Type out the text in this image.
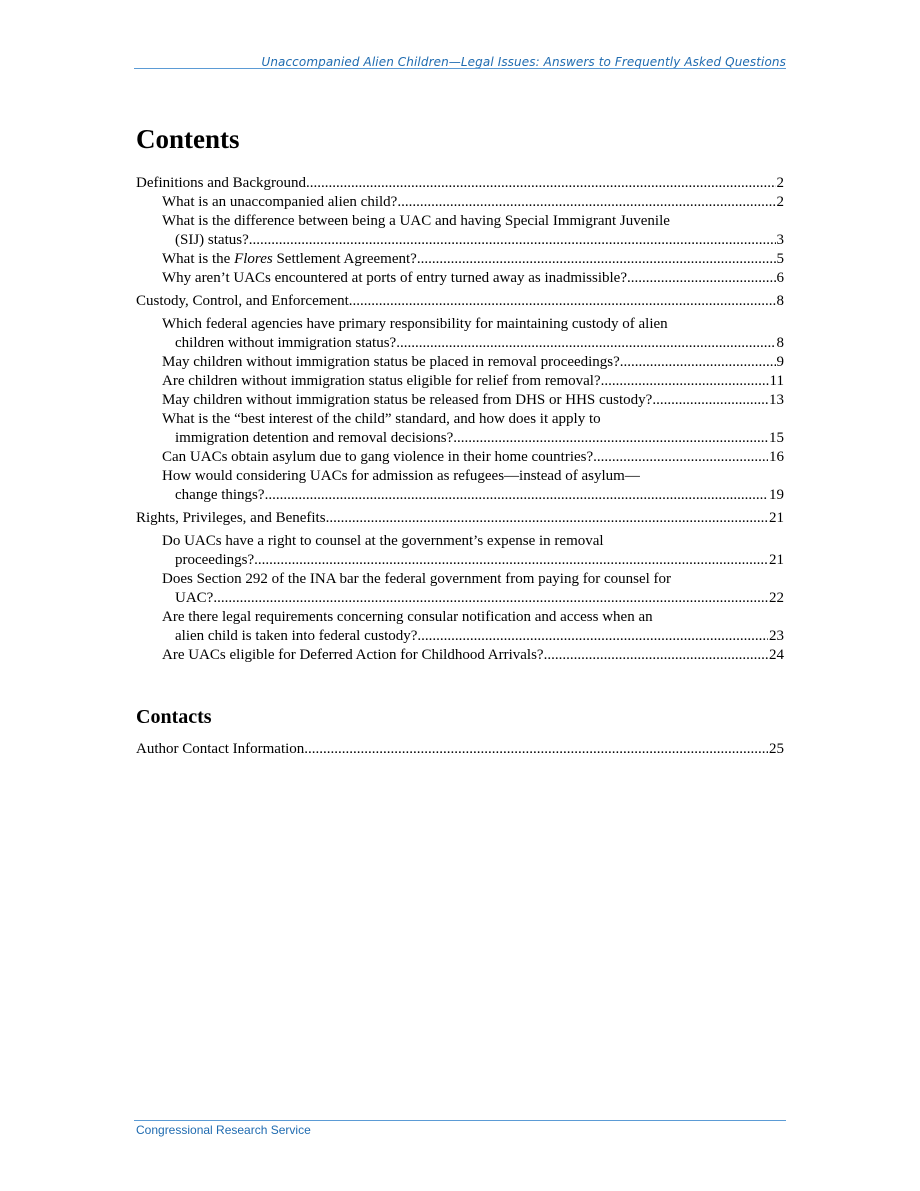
Unaccompanied Alien Children—Legal Issues: Answers to Frequently Asked Questions
Contents
Definitions and Background .....	2
What is an unaccompanied alien child? .....	2
What is the difference between being a UAC and having Special Immigrant Juvenile
(SIJ) status? .....	3
What is the Flores Settlement Agreement? .....	5
Why aren’t UACs encountered at ports of entry turned away as inadmissible? .....	6
Custody, Control, and Enforcement .....	8
Which federal agencies have primary responsibility for maintaining custody of alien
children without immigration status? .....	8
May children without immigration status be placed in removal proceedings? .....	9
Are children without immigration status eligible for relief from removal? .....	11
May children without immigration status be released from DHS or HHS custody? .....	13
What is the “best interest of the child” standard, and how does it apply to
immigration detention and removal decisions? .....	15
Can UACs obtain asylum due to gang violence in their home countries? .....	16
How would considering UACs for admission as refugees—instead of asylum—
change things? .....	19
Rights, Privileges, and Benefits .....	21
Do UACs have a right to counsel at the government’s expense in removal
proceedings? .....	21
Does Section 292 of the INA bar the federal government from paying for counsel for
UAC? .....	22
Are there legal requirements concerning consular notification and access when an
alien child is taken into federal custody? .....	23
Are UACs eligible for Deferred Action for Childhood Arrivals? .....	24
Contacts
Author Contact Information .....	25
Congressional Research Service
